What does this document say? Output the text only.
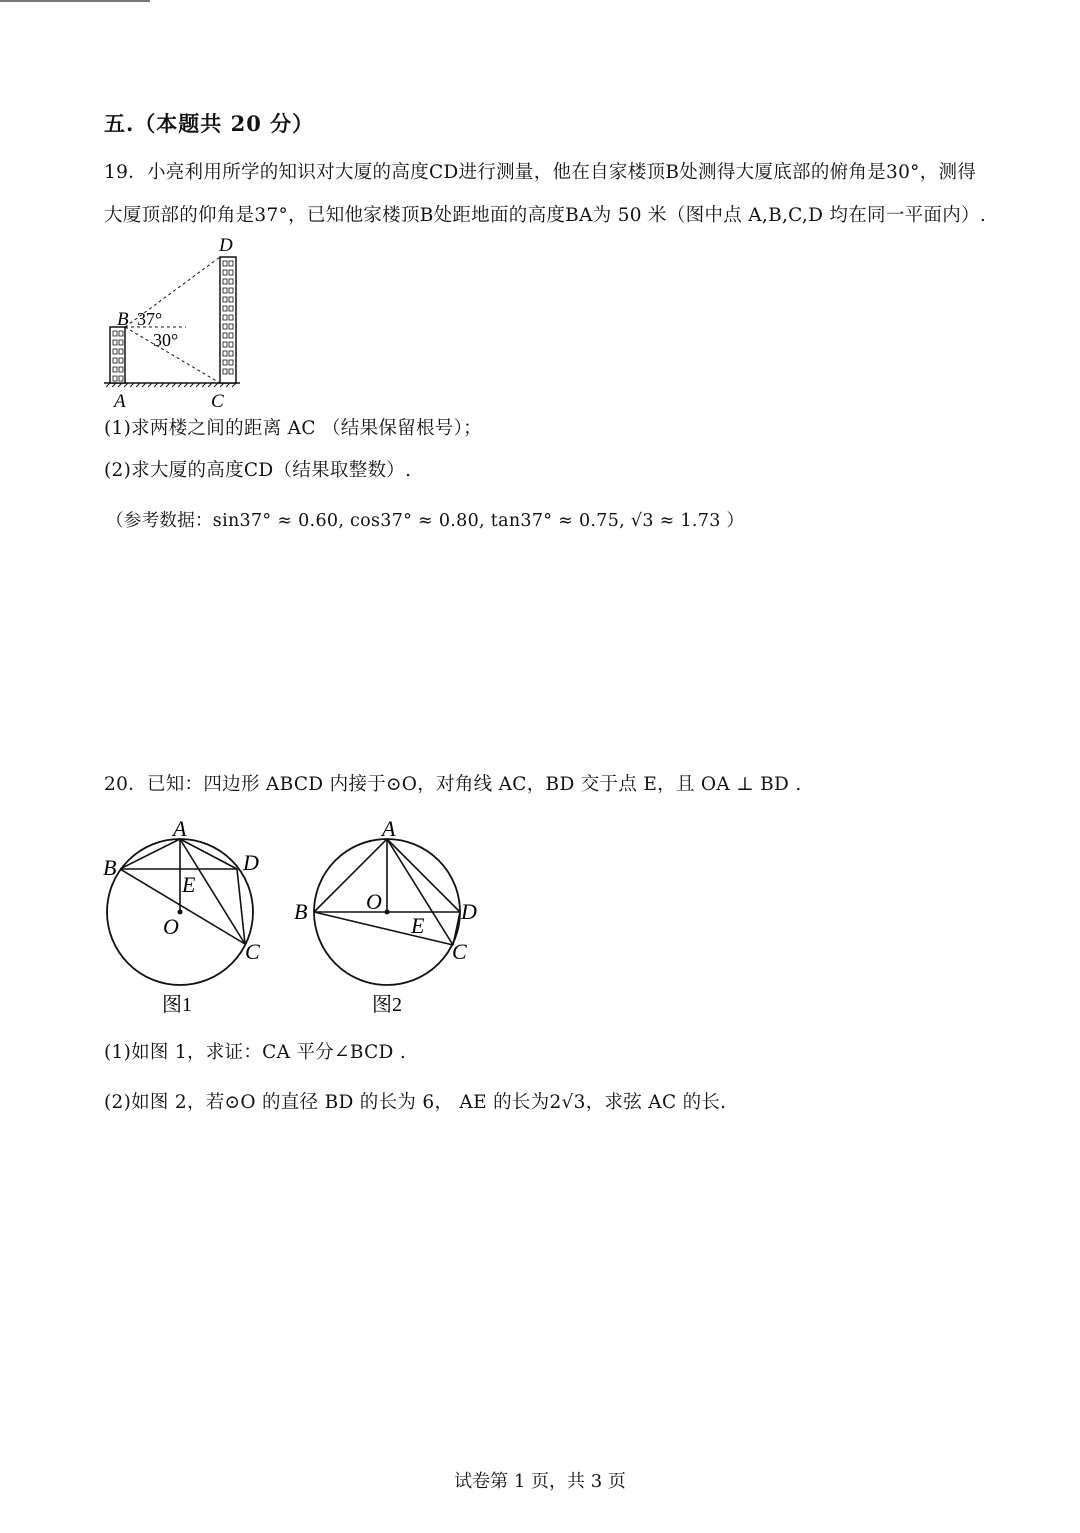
五.（本题共 20 分）
19．小亮利用所学的知识对大厦的高度CD进行测量，他在自家楼顶B处测得大厦底部的俯角是30°，测得
大厦顶部的仰角是37°，已知他家楼顶B处距地面的高度BA为 50 米（图中点 A,B,C,D 均在同一平面内）.
D
B
A	C
37°
30°
(1)求两楼之间的距离 AC （结果保留根号）；
(2)求大厦的高度CD（结果取整数）.
（参考数据：sin37° ≈ 0.60, cos37° ≈ 0.80, tan37° ≈ 0.75, √3 ≈ 1.73 ）
20．已知：四边形 ABCD 内接于⊙O，对角线 AC，BD 交于点 E，且 OA ⊥ BD .
A
B	D
E
O
C
图1
A
B	O	D
E
C
图2
(1)如图 1，求证：CA 平分∠BCD .
(2)如图 2，若⊙O 的直径 BD 的长为 6， AE 的长为2√3，求弦 AC 的长.
试卷第 1 页，共 3 页
